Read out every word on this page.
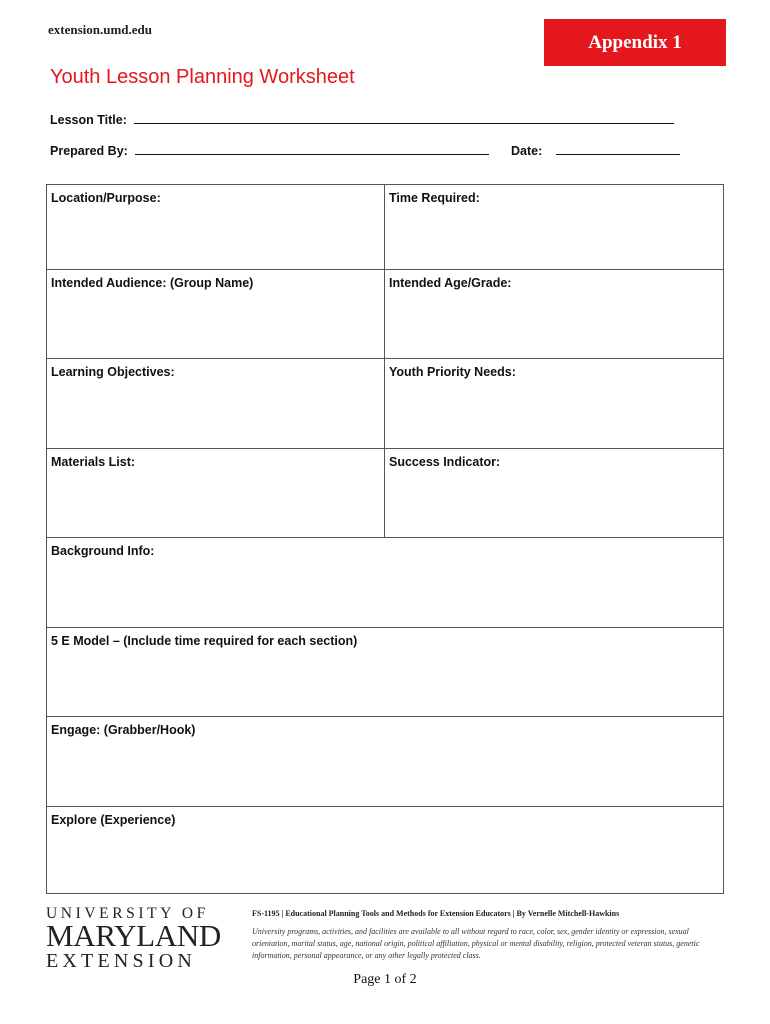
extension.umd.edu
Appendix 1
Youth Lesson Planning Worksheet
Lesson Title:
Prepared By:	Date:
Location/Purpose:	Time Required:
Intended Audience: (Group Name)	Intended Age/Grade:
Learning Objectives:	Youth Priority Needs:
Materials List:	Success Indicator:
Background Info:
5 E Model – (Include time required for each section)
Engage: (Grabber/Hook)
Explore (Experience)
UNIVERSITY OF
MARYLAND
EXTENSION
FS-1195 | Educational Planning Tools and Methods for Extension Educators | By Vernelle Mitchell-Hawkins
University programs, activities, and facilities are available to all without regard to race, color, sex, gender identity or expression, sexual orientation, marital status, age, national origin, political affiliation, physical or mental disability, religion, protected veteran status, genetic information, personal appearance, or any other legally protected class.
Page 1 of 2
